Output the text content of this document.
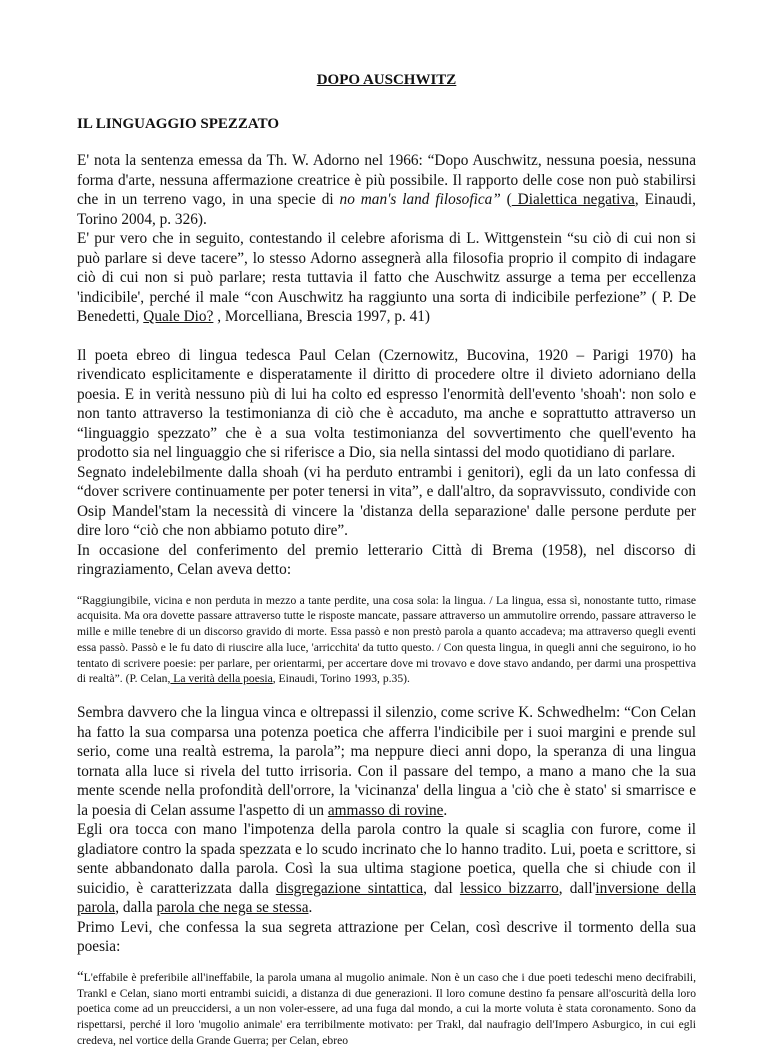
DOPO AUSCHWITZ
IL LINGUAGGIO SPEZZATO

E' nota la sentenza emessa da Th. W. Adorno nel 1966: “Dopo Auschwitz, nessuna poesia, nessuna forma d'arte, nessuna affermazione creatrice è più possibile. Il rapporto delle cose non può stabilirsi che in un terreno vago, in una specie di no man's land filosofica” ( Dialettica negativa, Einaudi, Torino 2004, p. 326).

E' pur vero che in seguito, contestando il celebre aforisma di L. Wittgenstein “su ciò di cui non si può parlare si deve tacere”, lo stesso Adorno assegnerà alla filosofia proprio il compito di indagare ciò di cui non si può parlare; resta tuttavia il fatto che Auschwitz assurge a tema per eccellenza 'indicibile', perché il male “con Auschwitz ha raggiunto una sorta di indicibile perfezione” ( P. De Benedetti, Quale Dio? , Morcelliana, Brescia 1997, p. 41)

Il poeta ebreo di lingua tedesca Paul Celan (Czernowitz, Bucovina, 1920 – Parigi 1970) ha rivendicato esplicitamente e disperatamente il diritto di procedere oltre il divieto adorniano della poesia. E in verità nessuno più di lui ha colto ed espresso l'enormità dell'evento 'shoah': non solo e non tanto attraverso la testimonianza di ciò che è accaduto, ma anche e soprattutto attraverso un “linguaggio spezzato” che è a sua volta testimonianza del sovvertimento che quell'evento ha prodotto sia nel linguaggio che si riferisce a Dio, sia nella sintassi del modo quotidiano di parlare.

Segnato indelebilmente dalla shoah (vi ha perduto entrambi i genitori), egli da un lato confessa di “dover scrivere continuamente per poter tenersi in vita”, e dall'altro, da sopravvissuto, condivide con Osip Mandel'stam la necessità di vincere la 'distanza della separazione' dalle persone perdute per dire loro “ciò che non abbiamo potuto dire”.

In occasione del conferimento del premio letterario Città di Brema (1958), nel discorso di ringraziamento, Celan aveva detto:

“Raggiungibile, vicina e non perduta in mezzo a tante perdite, una cosa sola: la lingua. / La lingua, essa sì, nonostante tutto, rimase acquisita. Ma ora dovette passare attraverso tutte le risposte mancate, passare attraverso un ammutolire orrendo, passare attraverso le mille e mille tenebre di un discorso gravido di morte. Essa passò e non prestò parola a quanto accadeva; ma attraverso quegli eventi essa passò. Passò e le fu dato di riuscire alla luce, 'arricchita' da tutto questo. / Con questa lingua, in quegli anni che seguirono, io ho tentato di scrivere poesie: per parlare, per orientarmi, per accertare dove mi trovavo e dove stavo andando, per darmi una prospettiva di realtà”. (P. Celan, La verità della poesia, Einaudi, Torino 1993, p.35).

Sembra davvero che la lingua vinca e oltrepassi il silenzio, come scrive K. Schwedhelm: “Con Celan ha fatto la sua comparsa una potenza poetica che afferra l'indicibile per i suoi margini e prende sul serio, come una realtà estrema, la parola”; ma neppure dieci anni dopo, la speranza di una lingua tornata alla luce si rivela del tutto irrisoria. Con il passare del tempo, a mano a mano che la sua mente scende nella profondità dell'orrore, la 'vicinanza' della lingua a 'ciò che è stato' si smarrisce e la poesia di Celan assume l'aspetto di un ammasso di rovine.

Egli ora tocca con mano l'impotenza della parola contro la quale si scaglia con furore, come il gladiatore contro la spada spezzata e lo scudo incrinato che lo hanno tradito. Lui, poeta e scrittore, si sente abbandonato dalla parola. Così la sua ultima stagione poetica, quella che si chiude con il suicidio, è caratterizzata dalla disgregazione sintattica, dal lessico bizzarro, dall'inversione della parola, dalla parola che nega se stessa.

Primo Levi, che confessa la sua segreta attrazione per Celan, così descrive il tormento della sua poesia:

“L'effabile è preferibile all'ineffabile, la parola umana al mugolio animale. Non è un caso che i due poeti tedeschi meno decifrabili, Trankl e Celan, siano morti entrambi suicidi, a distanza di due generazioni. Il loro comune destino fa pensare all'oscurità della loro poetica come ad un preuccidersi, a un non voler-essere, ad una fuga dal mondo, a cui la morte voluta è stata coronamento. Sono da rispettarsi, perché il loro 'mugolio animale' era terribilmente motivato: per Trakl, dal naufragio dell'Impero Asburgico, in cui egli credeva, nel vortice della Grande Guerra; per Celan, ebreo
